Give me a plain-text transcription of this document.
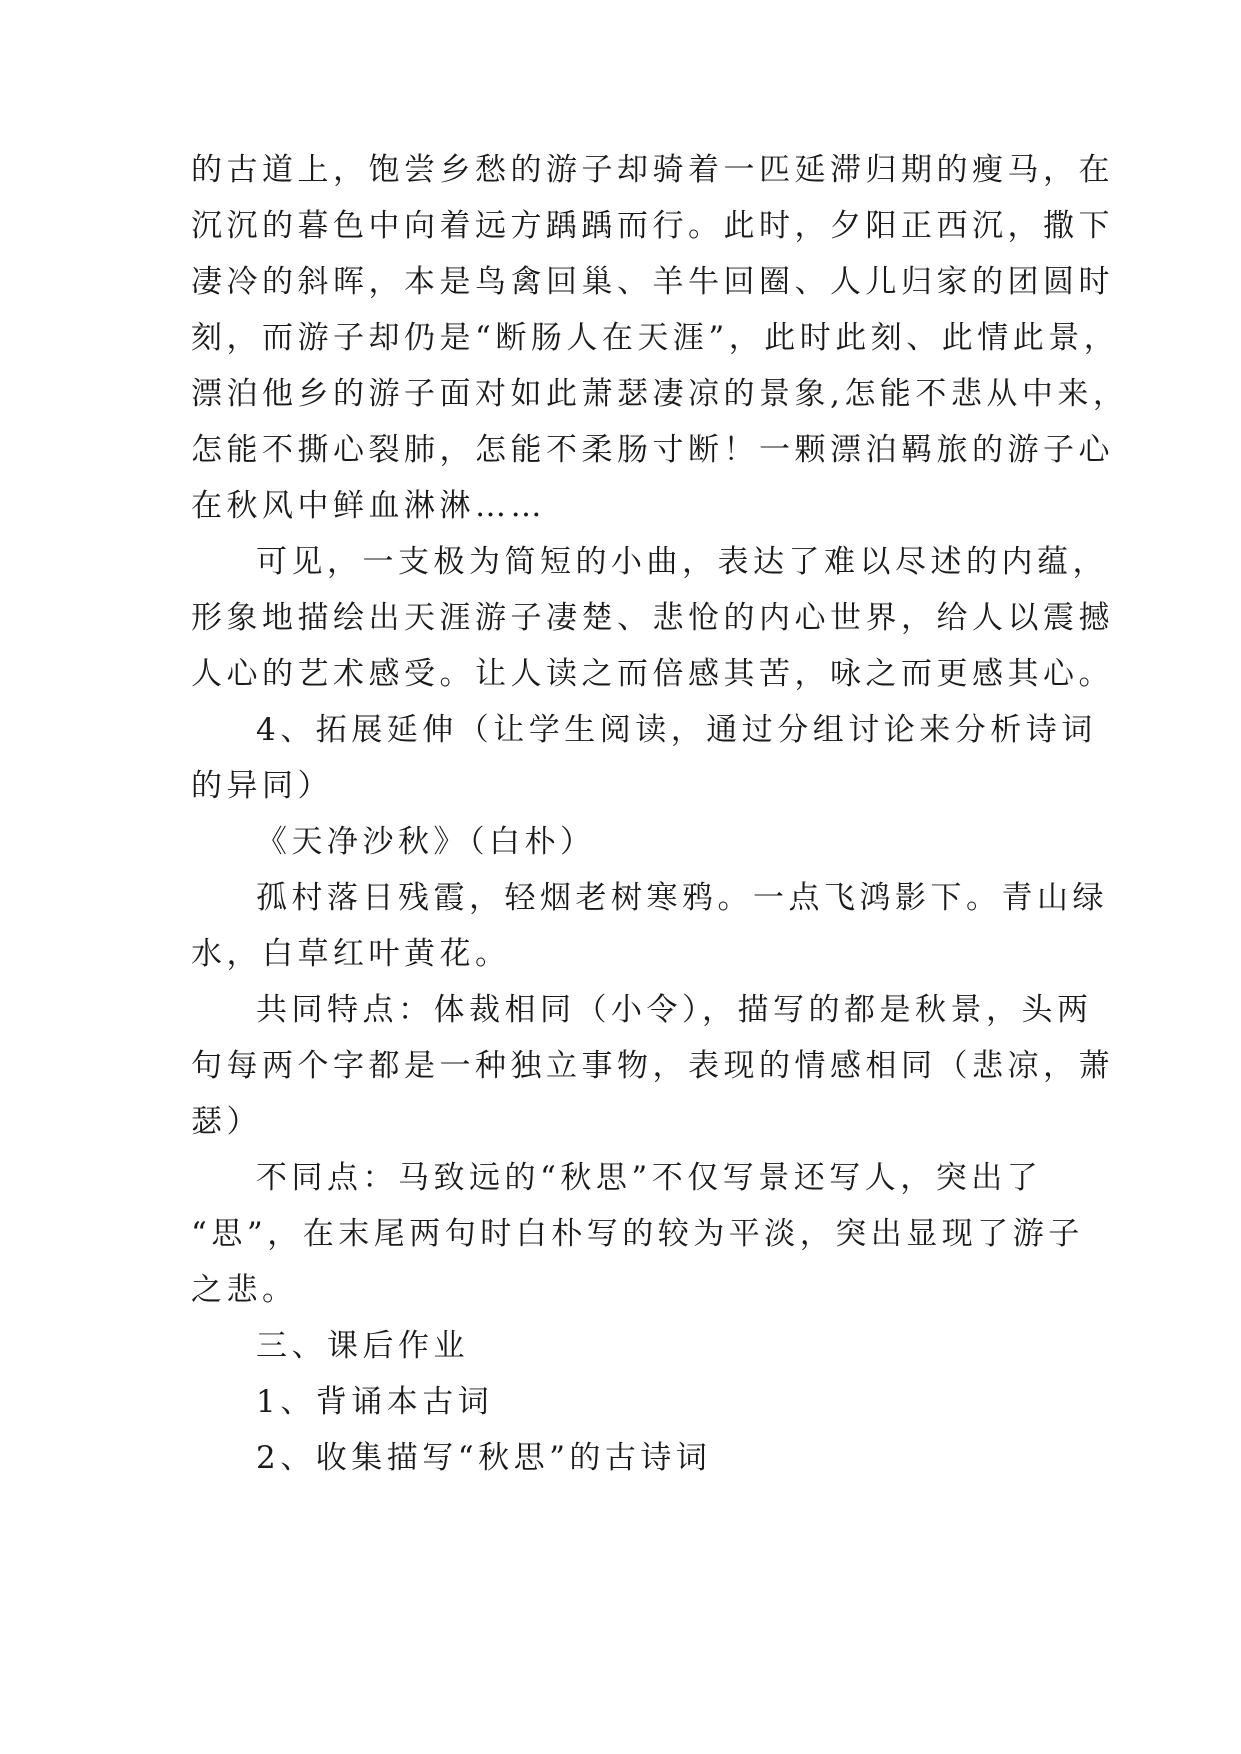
的古道上，饱尝乡愁的游子却骑着一匹延滞归期的瘦马，在
沉沉的暮色中向着远方踽踽而行。此时，夕阳正西沉，撒下
凄冷的斜晖，本是鸟禽回巢、羊牛回圈、人儿归家的团圆时
刻，而游子却仍是“断肠人在天涯”，此时此刻、此情此景，
漂泊他乡的游子面对如此萧瑟凄凉的景象,怎能不悲从中来，
怎能不撕心裂肺，怎能不柔肠寸断！一颗漂泊羁旅的游子心
在秋风中鲜血淋淋……
可见，一支极为简短的小曲，表达了难以尽述的内蕴，
形象地描绘出天涯游子凄楚、悲怆的内心世界，给人以震撼
人心的艺术感受。让人读之而倍感其苦，咏之而更感其心。
4、拓展延伸（让学生阅读，通过分组讨论来分析诗词
的异同）
《天净沙秋》（白朴）
孤村落日残霞，轻烟老树寒鸦。一点飞鸿影下。青山绿
水，白草红叶黄花。
共同特点：体裁相同（小令），描写的都是秋景，头两
句每两个字都是一种独立事物，表现的情感相同（悲凉，萧
瑟）
不同点：马致远的“秋思”不仅写景还写人，突出了
“思”，在末尾两句时白朴写的较为平淡，突出显现了游子
之悲。
三、课后作业
1、背诵本古词
2、收集描写“秋思”的古诗词
